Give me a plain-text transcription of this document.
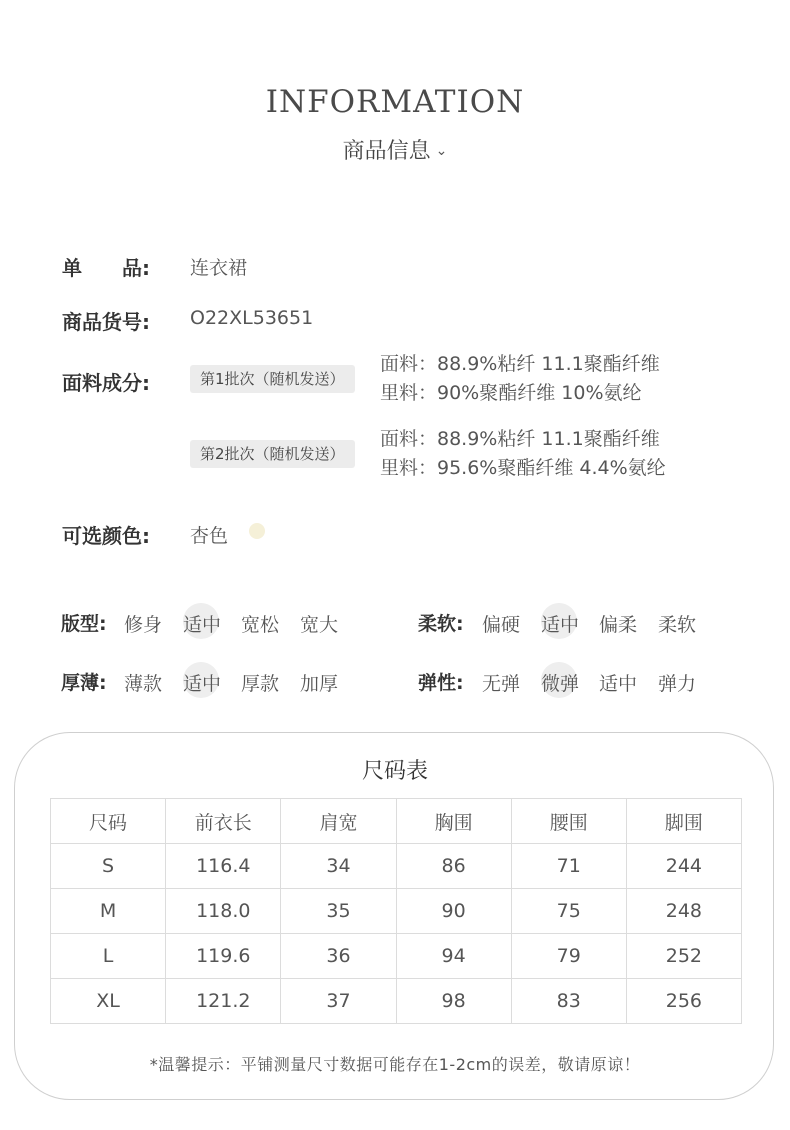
INFORMATION
商品信息 ⌄
单　　品: 连衣裙
商品货号: O22XL53651
面料成分:	第1批次（随机发送）
面料：88.9%粘纤 11.1聚酯纤维
里料：90%聚酯纤维 10%氨纶
第2批次（随机发送）
面料：88.9%粘纤 11.1聚酯纤维
里料：95.6%聚酯纤维 4.4%氨纶
可选颜色: 杏色
版型: 修身 适中 宽松 宽大	柔软: 偏硬 适中 偏柔 柔软
厚薄: 薄款 适中 厚款 加厚	弹性: 无弹 微弹 适中 弹力
尺码表
尺码	前衣长	肩宽	胸围	腰围	脚围
S	116.4	34	86	71	244
M	118.0	35	90	75	248
L	119.6	36	94	79	252
XL	121.2	37	98	83	256
*温馨提示：平铺测量尺寸数据可能存在1-2cm的误差，敬请原谅！
